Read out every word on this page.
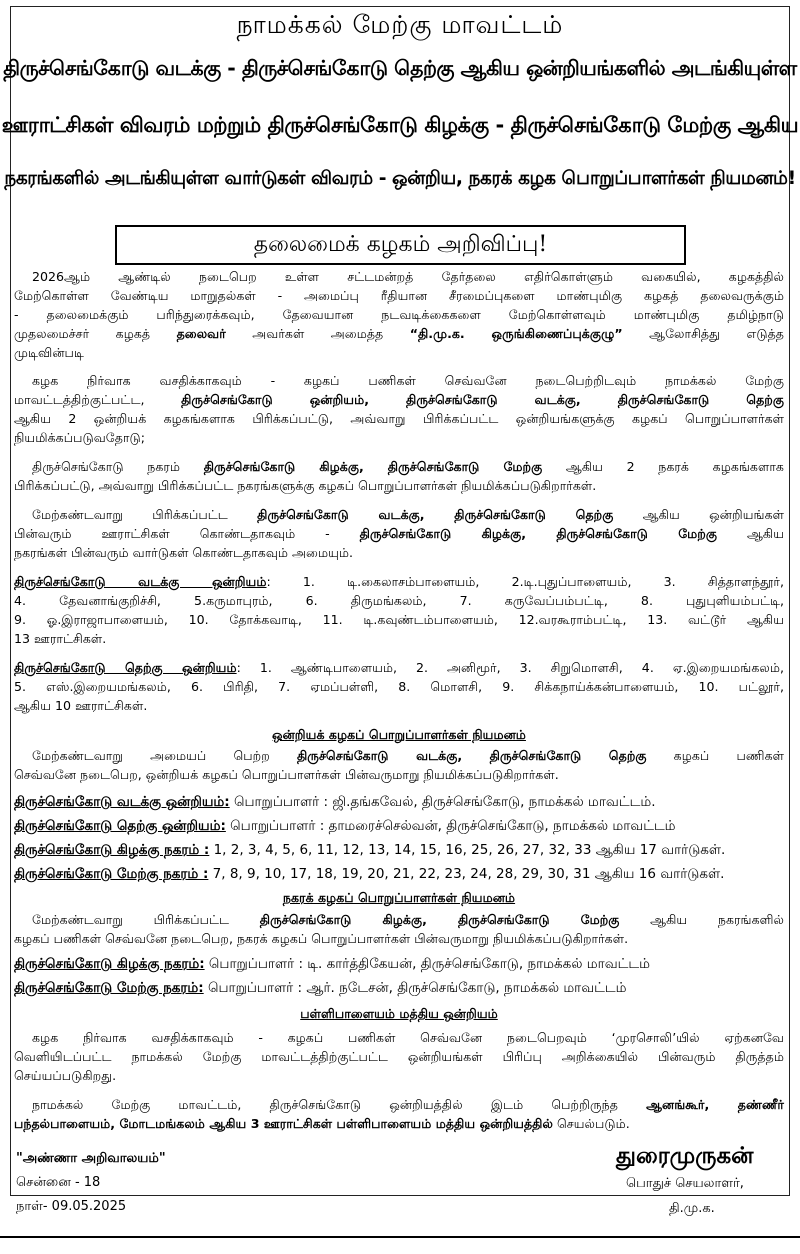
நாமக்கல் மேற்கு மாவட்டம்
திருச்செங்கோடு வடக்கு - திருச்செங்கோடு தெற்கு ஆகிய ஒன்றியங்களில் அடங்கியுள்ள
ஊராட்சிகள் விவரம் மற்றும் திருச்செங்கோடு கிழக்கு - திருச்செங்கோடு மேற்கு ஆகிய
நகரங்களில் அடங்கியுள்ள வார்டுகள் விவரம் - ஒன்றிய, நகரக் கழக பொறுப்பாளர்கள் நியமனம்!
தலைமைக் கழகம் அறிவிப்பு!
2026ஆம் ஆண்டில் நடைபெற உள்ள சட்டமன்றத் தேர்தலை எதிர்கொள்ளும் வகையில், கழகத்தில்
மேற்கொள்ள வேண்டிய மாறுதல்கள் - அமைப்பு ரீதியான சீரமைப்புகளை மாண்புமிகு கழகத் தலைவருக்கும்
- தலைமைக்கும் பரிந்துரைக்கவும், தேவையான நடவடிக்கைகளை மேற்கொள்ளவும் மாண்புமிகு தமிழ்நாடு
முதலமைச்சர் கழகத் தலைவர் அவர்கள் அமைத்த “தி.மு.க. ஒருங்கிணைப்புக்குழு” ஆலோசித்து எடுத்த
முடிவின்படி
கழக நிர்வாக வசதிக்காகவும் - கழகப் பணிகள் செவ்வனே நடைபெற்றிடவும் நாமக்கல் மேற்கு
மாவட்டத்திற்குட்பட்ட, திருச்செங்கோடு ஒன்றியம், திருச்செங்கோடு வடக்கு, திருச்செங்கோடு தெற்கு
ஆகிய 2 ஒன்றியக் கழகங்களாக பிரிக்கப்பட்டு, அவ்வாறு பிரிக்கப்பட்ட ஒன்றியங்களுக்கு கழகப் பொறுப்பாளர்கள்
நியமிக்கப்படுவதோடு;
திருச்செங்கோடு நகரம் திருச்செங்கோடு கிழக்கு, திருச்செங்கோடு மேற்கு ஆகிய 2 நகரக் கழகங்களாக
பிரிக்கப்பட்டு, அவ்வாறு பிரிக்கப்பட்ட நகரங்களுக்கு கழகப் பொறுப்பாளர்கள் நியமிக்கப்படுகிறார்கள்.
மேற்கண்டவாறு பிரிக்கப்பட்ட திருச்செங்கோடு வடக்கு, திருச்செங்கோடு தெற்கு ஆகிய ஒன்றியங்கள்
பின்வரும் ஊராட்சிகள் கொண்டதாகவும் - திருச்செங்கோடு கிழக்கு, திருச்செங்கோடு மேற்கு ஆகிய
நகரங்கள் பின்வரும் வார்டுகள் கொண்டதாகவும் அமையும்.
திருச்செங்கோடு வடக்கு ஒன்றியம்: 1. டி.கைலாசம்பாளையம், 2.டி.புதுப்பாளையம், 3. சித்தாளந்தூர்,
4. தேவனாங்குறிச்சி, 5.கருமாபுரம், 6. திருமங்கலம், 7. கருவேப்பம்பட்டி, 8. புதுபுளியம்பட்டி,
9. ஓ.இராஜாபாளையம், 10. தோக்கவாடி, 11. டி.கவுண்டம்பாளையம், 12.வரகூராம்பட்டி, 13. வட்டூர் ஆகிய
13 ஊராட்சிகள்.
திருச்செங்கோடு தெற்கு ஒன்றியம்: 1. ஆண்டிபாளையம், 2. அனிமூர், 3. சிறுமொளசி, 4. ஏ.இறையமங்கலம்,
5. எஸ்.இறையமங்கலம், 6. பிரிதி, 7. ஏமப்பள்ளி, 8. மொளசி, 9. சிக்கநாய்க்கன்பாளையம், 10. பட்லூர்,
ஆகிய 10 ஊராட்சிகள்.
ஒன்றியக் கழகப் பொறுப்பாளர்கள் நியமனம்
மேற்கண்டவாறு அமையப் பெற்ற திருச்செங்கோடு வடக்கு, திருச்செங்கோடு தெற்கு கழகப் பணிகள்
செவ்வனே நடைபெற, ஒன்றியக் கழகப் பொறுப்பாளர்கள் பின்வருமாறு நியமிக்கப்படுகிறார்கள்.
திருச்செங்கோடு வடக்கு ஒன்றியம்: பொறுப்பாளர் : ஜி.தங்கவேல், திருச்செங்கோடு, நாமக்கல் மாவட்டம்.
திருச்செங்கோடு தெற்கு ஒன்றியம்: பொறுப்பாளர் : தாமரைச்செல்வன், திருச்செங்கோடு, நாமக்கல் மாவட்டம்
திருச்செங்கோடு கிழக்கு நகரம் : 1, 2, 3, 4, 5, 6, 11, 12, 13, 14, 15, 16, 25, 26, 27, 32, 33 ஆகிய 17 வார்டுகள்.
திருச்செங்கோடு மேற்கு நகரம் : 7, 8, 9, 10, 17, 18, 19, 20, 21, 22, 23, 24, 28, 29, 30, 31 ஆகிய 16 வார்டுகள்.
நகரக் கழகப் பொறுப்பாளர்கள் நியமனம்
மேற்கண்டவாறு பிரிக்கப்பட்ட திருச்செங்கோடு கிழக்கு, திருச்செங்கோடு மேற்கு ஆகிய நகரங்களில்
கழகப் பணிகள் செவ்வனே நடைபெற, நகரக் கழகப் பொறுப்பாளர்கள் பின்வருமாறு நியமிக்கப்படுகிறார்கள்.
திருச்செங்கோடு கிழக்கு நகரம்: பொறுப்பாளர் : டி. கார்த்திகேயன், திருச்செங்கோடு, நாமக்கல் மாவட்டம்
திருச்செங்கோடு மேற்கு நகரம்: பொறுப்பாளர் : ஆர். நடேசன், திருச்செங்கோடு, நாமக்கல் மாவட்டம்
பள்ளிபாளையம் மத்திய ஒன்றியம்
கழக நிர்வாக வசதிக்காகவும் - கழகப் பணிகள் செவ்வனே நடைபெறவும் ‘முரசொலி’யில் ஏற்கனவே
வெளியிடப்பட்ட நாமக்கல் மேற்கு மாவட்டத்திற்குட்பட்ட ஒன்றியங்கள் பிரிப்பு அறிக்கையில் பின்வரும் திருத்தம்
செய்யப்படுகிறது.
நாமக்கல் மேற்கு மாவட்டம், திருச்செங்கோடு ஒன்றியத்தில் இடம் பெற்றிருந்த ஆனங்கூர், தண்ணீர்
பந்தல்பாளையம், மோடமங்கலம் ஆகிய 3 ஊராட்சிகள் பள்ளிபாளையம் மத்திய ஒன்றியத்தில் செயல்படும்.
"அண்ணா அறிவாலயம்"
சென்னை - 18
நாள்- 09.05.2025
துரைமுருகன்
பொதுச் செயலாளர்,
தி.மு.க.
